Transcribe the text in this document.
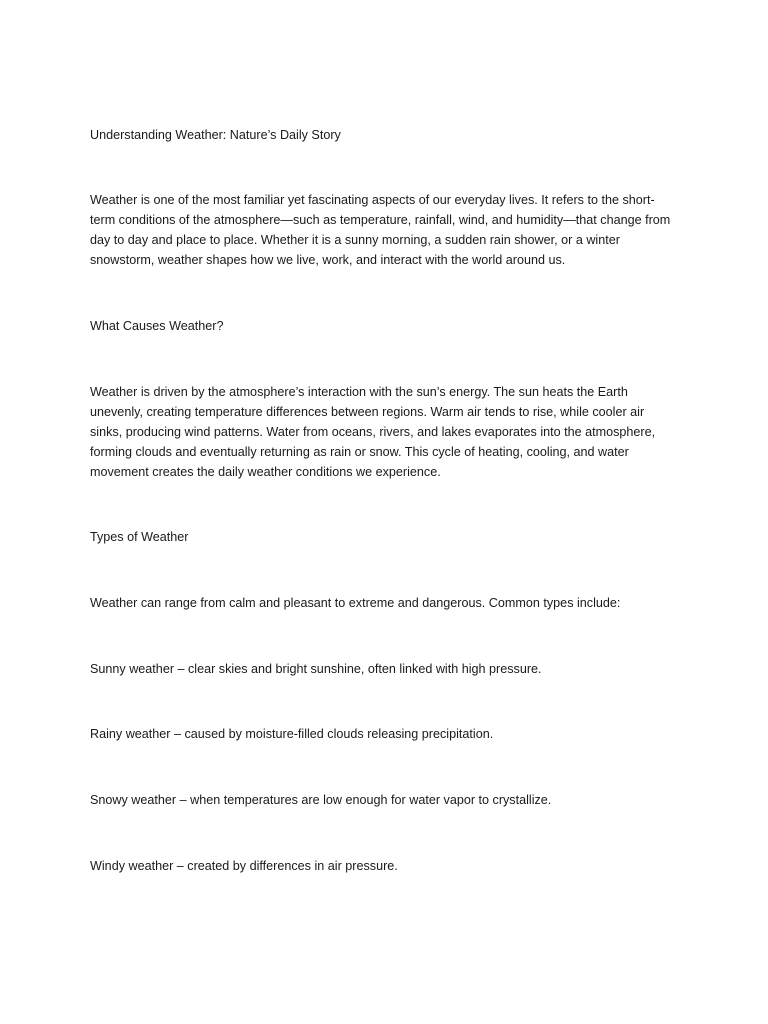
Understanding Weather: Nature’s Daily Story

Weather is one of the most familiar yet fascinating aspects of our everyday lives. It refers to the short-term conditions of the atmosphere—such as temperature, rainfall, wind, and humidity—that change from day to day and place to place. Whether it is a sunny morning, a sudden rain shower, or a winter snowstorm, weather shapes how we live, work, and interact with the world around us.

What Causes Weather?

Weather is driven by the atmosphere’s interaction with the sun’s energy. The sun heats the Earth unevenly, creating temperature differences between regions. Warm air tends to rise, while cooler air sinks, producing wind patterns. Water from oceans, rivers, and lakes evaporates into the atmosphere, forming clouds and eventually returning as rain or snow. This cycle of heating, cooling, and water movement creates the daily weather conditions we experience.

Types of Weather

Weather can range from calm and pleasant to extreme and dangerous. Common types include:

Sunny weather – clear skies and bright sunshine, often linked with high pressure.

Rainy weather – caused by moisture-filled clouds releasing precipitation.

Snowy weather – when temperatures are low enough for water vapor to crystallize.

Windy weather – created by differences in air pressure.
